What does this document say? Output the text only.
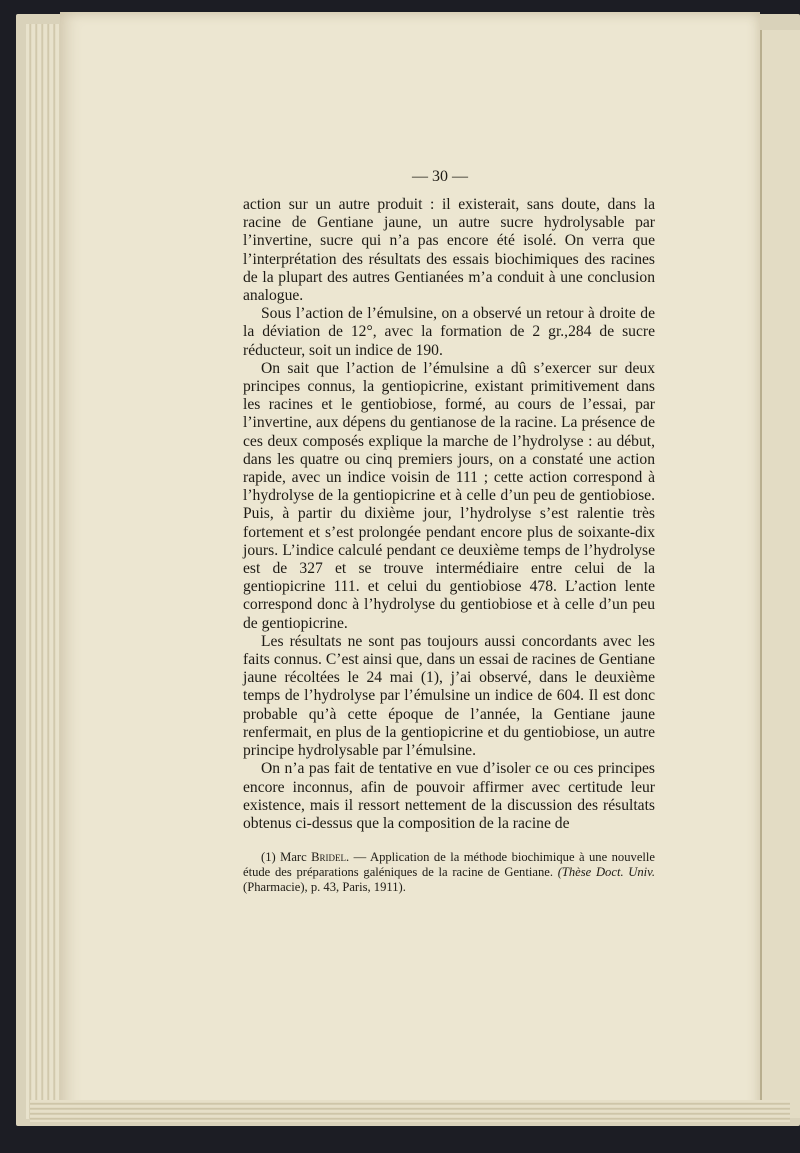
— 30 —

action sur un autre produit : il existerait, sans doute, dans la racine de Gentiane jaune, un autre sucre hydrolysable par l’invertine, sucre qui n’a pas encore été isolé. On verra que l’interprétation des résultats des essais biochimiques des racines de la plupart des autres Gentianées m’a conduit à une conclusion analogue.

Sous l’action de l’émulsine, on a observé un retour à droite de la déviation de 12°, avec la formation de 2 gr.,284 de sucre réducteur, soit un indice de 190.

On sait que l’action de l’émulsine a dû s’exercer sur deux principes connus, la gentiopicrine, existant primitivement dans les racines et le gentiobiose, formé, au cours de l’essai, par l’invertine, aux dépens du gentianose de la racine. La présence de ces deux composés explique la marche de l’hydrolyse : au début, dans les quatre ou cinq premiers jours, on a constaté une action rapide, avec un indice voisin de 111 ; cette action correspond à l’hydrolyse de la gentiopicrine et à celle d’un peu de gentiobiose. Puis, à partir du dixième jour, l’hydrolyse s’est ralentie très fortement et s’est prolongée pendant encore plus de soixante-dix jours. L’indice calculé pendant ce deuxième temps de l’hydrolyse est de 327 et se trouve intermédiaire entre celui de la gentiopicrine 111. et celui du gentiobiose 478. L’action lente correspond donc à l’hydrolyse du gentiobiose et à celle d’un peu de gentiopicrine.

Les résultats ne sont pas toujours aussi concordants avec les faits connus. C’est ainsi que, dans un essai de racines de Gentiane jaune récoltées le 24 mai (1), j’ai observé, dans le deuxième temps de l’hydrolyse par l’émulsine un indice de 604. Il est donc probable qu’à cette époque de l’année, la Gentiane jaune renfermait, en plus de la gentiopicrine et du gentiobiose, un autre principe hydrolysable par l’émulsine.

On n’a pas fait de tentative en vue d’isoler ce ou ces principes encore inconnus, afin de pouvoir affirmer avec certitude leur existence, mais il ressort nettement de la discussion des résultats obtenus ci-dessus que la composition de la racine de

(1) Marc Bridel. — Application de la méthode biochimique à une nouvelle étude des préparations galéniques de la racine de Gentiane. (Thèse Doct. Univ. (Pharmacie), p. 43, Paris, 1911).
